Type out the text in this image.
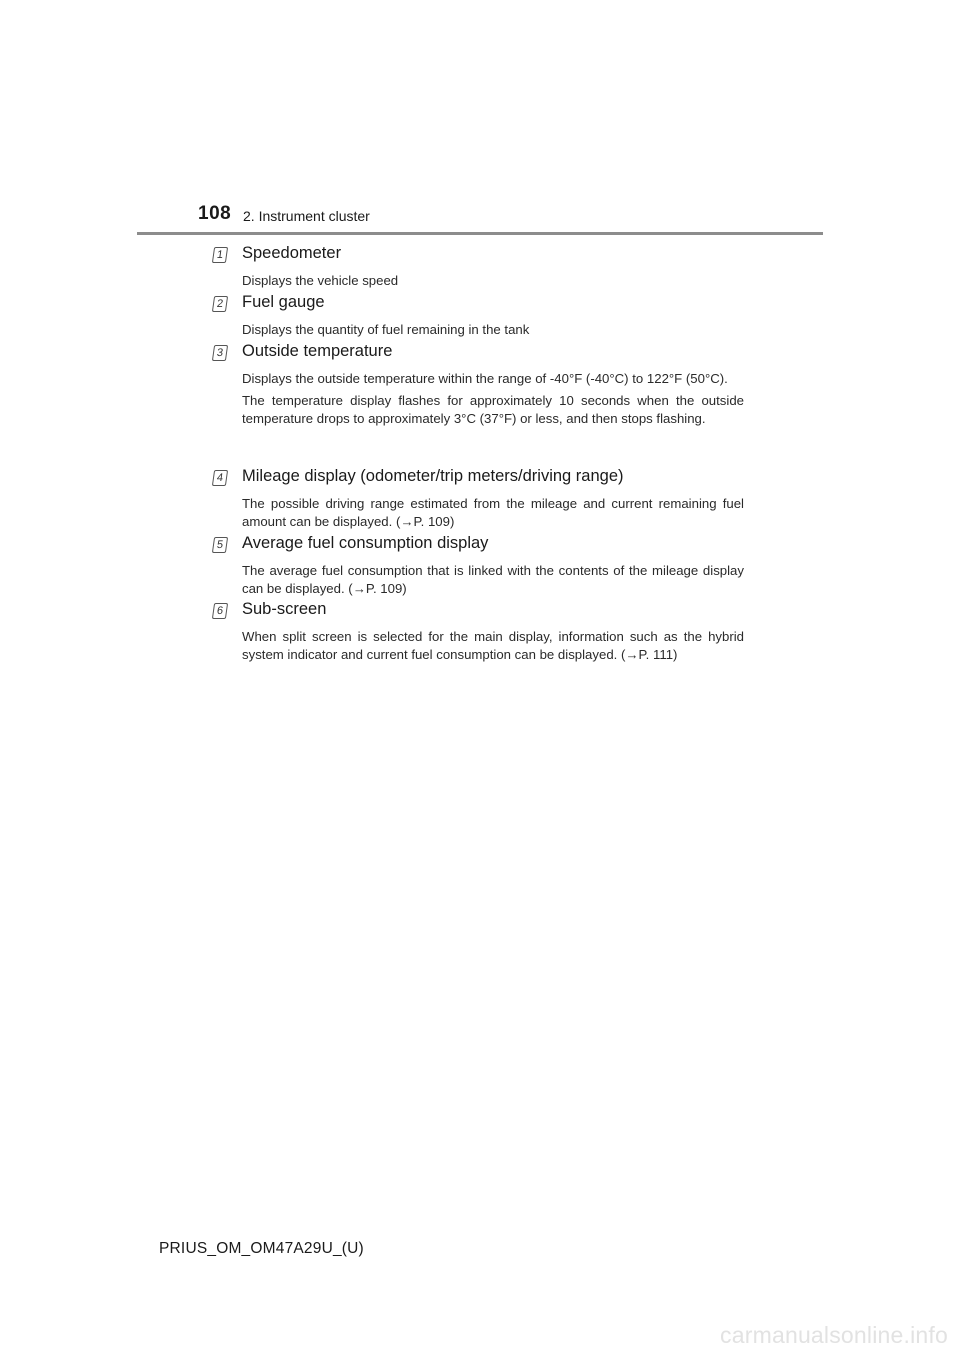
108 2. Instrument cluster
1 Speedometer

Displays the vehicle speed

2 Fuel gauge

Displays the quantity of fuel remaining in the tank

3 Outside temperature

Displays the outside temperature within the range of -40°F (-40°C) to 122°F (50°C).

The temperature display flashes for approximately 10 seconds when the outside temperature drops to approximately 3°C (37°F) or less, and then stops flashing.

4 Mileage display (odometer/trip meters/driving range)

The possible driving range estimated from the mileage and current remaining fuel amount can be displayed. (→P. 109)

5 Average fuel consumption display

The average fuel consumption that is linked with the contents of the mileage display can be displayed. (→P. 109)

6 Sub-screen

When split screen is selected for the main display, information such as the hybrid system indicator and current fuel consumption can be displayed. (→P. 111)

PRIUS_OM_OM47A29U_(U)
carmanualsonline.info
